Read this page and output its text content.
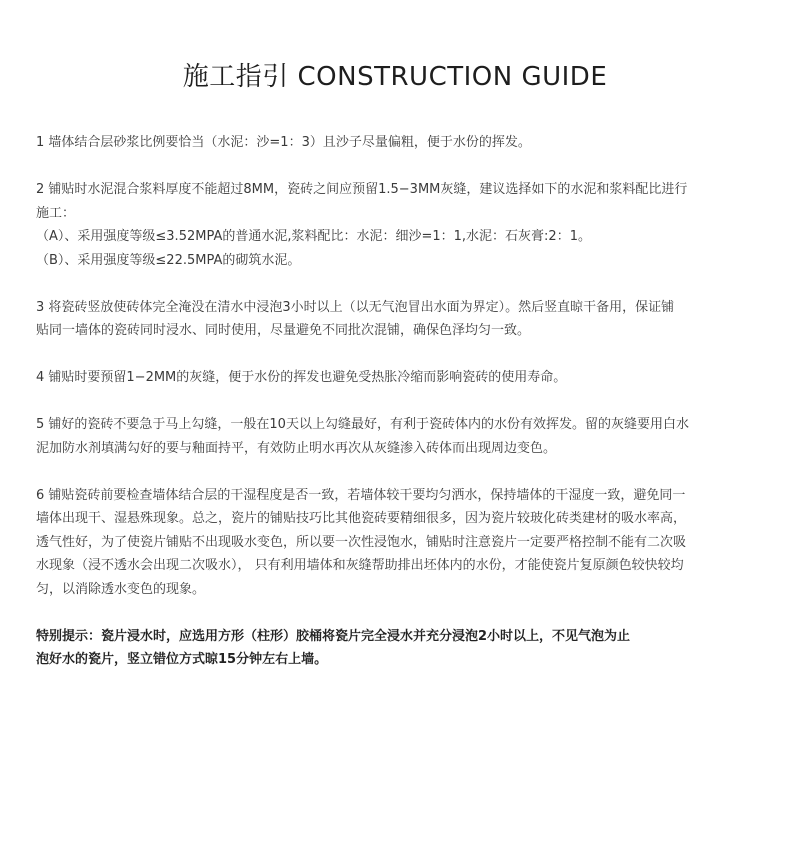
施工指引 CONSTRUCTION GUIDE
1 墙体结合层砂浆比例要恰当（水泥：沙=1：3）且沙子尽量偏粗，便于水份的挥发。
2 铺贴时水泥混合浆料厚度不能超过8MM，瓷砖之间应预留1.5−3MM灰缝，建议选择如下的水泥和浆料配比进行
施工：
（A）、采用强度等级≤3.52MPA的普通水泥,浆料配比：水泥：细沙=1：1,水泥：石灰膏:2：1。
（B）、采用强度等级≤22.5MPA的砌筑水泥。
3 将瓷砖竖放使砖体完全淹没在清水中浸泡3小时以上（以无气泡冒出水面为界定）。然后竖直晾干备用，保证铺
贴同一墙体的瓷砖同时浸水、同时使用，尽量避免不同批次混铺，确保色泽均匀一致。
4 铺贴时要预留1−2MM的灰缝，便于水份的挥发也避免受热胀冷缩而影响瓷砖的使用寿命。
5 铺好的瓷砖不要急于马上勾缝，一般在10天以上勾缝最好，有利于瓷砖体内的水份有效挥发。留的灰缝要用白水
泥加防水剂填满勾好的要与釉面持平，有效防止明水再次从灰缝渗入砖体而出现周边变色。
6 铺贴瓷砖前要检查墙体结合层的干湿程度是否一致，若墙体较干要均匀洒水，保持墙体的干湿度一致，避免同一
墙体出现干、湿悬殊现象。总之，瓷片的铺贴技巧比其他瓷砖要精细很多，因为瓷片较玻化砖类建材的吸水率高，
透气性好，为了使瓷片铺贴不出现吸水变色，所以要一次性浸饱水，铺贴时注意瓷片一定要严格控制不能有二次吸
水现象（浸不透水会出现二次吸水）， 只有利用墙体和灰缝帮助排出坯体内的水份，才能使瓷片复原颜色较快较均
匀，以消除透水变色的现象。
特别提示：瓷片浸水时，应选用方形（柱形）胶桶将瓷片完全浸水并充分浸泡2小时以上，不见气泡为止
泡好水的瓷片，竖立错位方式晾15分钟左右上墙。
